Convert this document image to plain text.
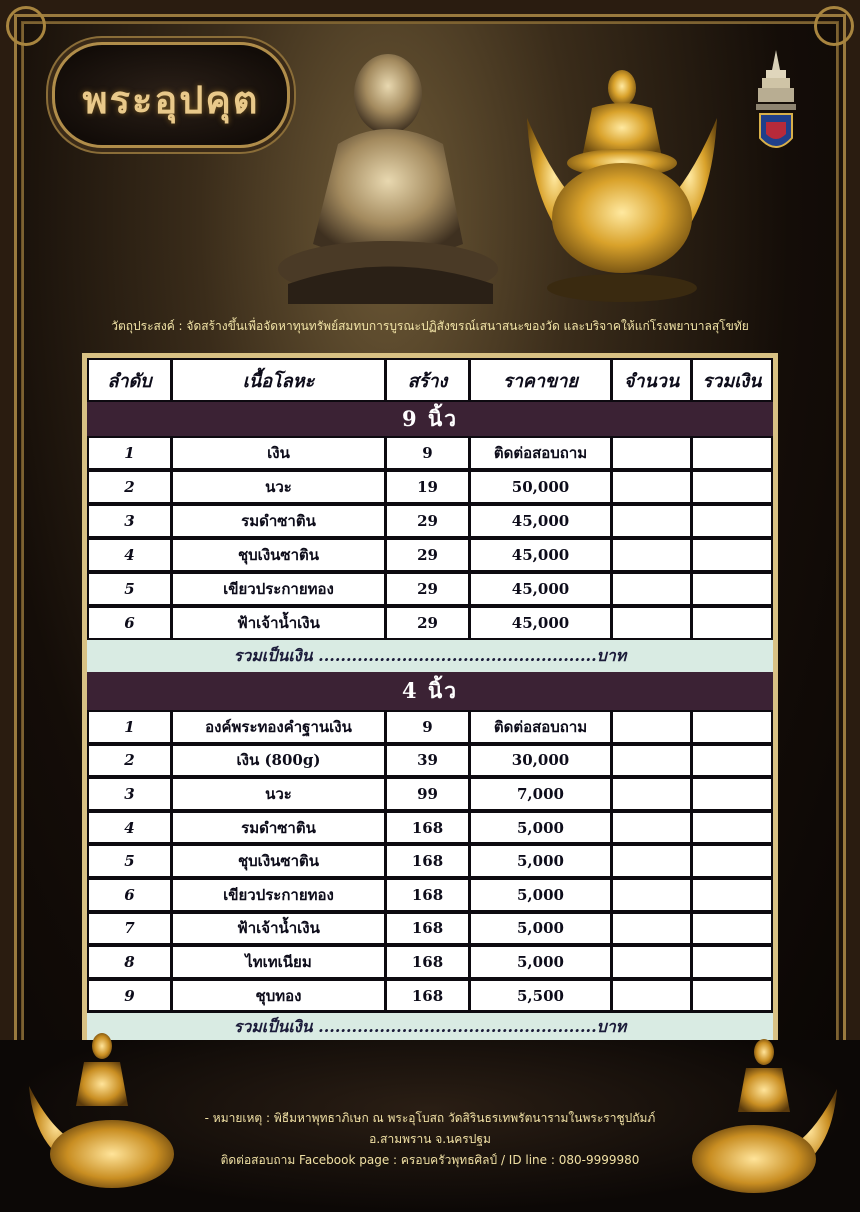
พระอุปคุต
วัตถุประสงค์ : จัดสร้างขึ้นเพื่อจัดหาทุนทรัพย์สมทบการบูรณะปฏิสังขรณ์เสนาสนะของวัด และบริจาคให้แก่โรงพยาบาลสุโขทัย
ลำดับ	เนื้อโลหะ	สร้าง	ราคาขาย	จำนวน	รวมเงิน
9 นิ้ว
1	เงิน	9	ติดต่อสอบถาม
2	นวะ	19	50,000
3	รมดำซาติน	29	45,000
4	ชุบเงินซาติน	29	45,000
5	เขียวประกายทอง	29	45,000
6	ฟ้าเจ้าน้ำเงิน	29	45,000
รวมเป็นเงิน ..................................................บาท
4 นิ้ว
1	องค์พระทองคำฐานเงิน	9	ติดต่อสอบถาม
2	เงิน (800g)	39	30,000
3	นวะ	99	7,000
4	รมดำซาติน	168	5,000
5	ชุบเงินซาติน	168	5,000
6	เขียวประกายทอง	168	5,000
7	ฟ้าเจ้าน้ำเงิน	168	5,000
8	ไทเทเนียม	168	5,000
9	ชุบทอง	168	5,500
รวมเป็นเงิน ..................................................บาท
- หมายเหตุ : พิธีมหาพุทธาภิเษก ณ พระอุโบสถ วัดสิรินธรเทพรัตนารามในพระราชูปถัมภ์
อ.สามพราน จ.นครปฐม
ติดต่อสอบถาม Facebook page : ครอบครัวพุทธศิลป์ / ID line : 080-9999980
